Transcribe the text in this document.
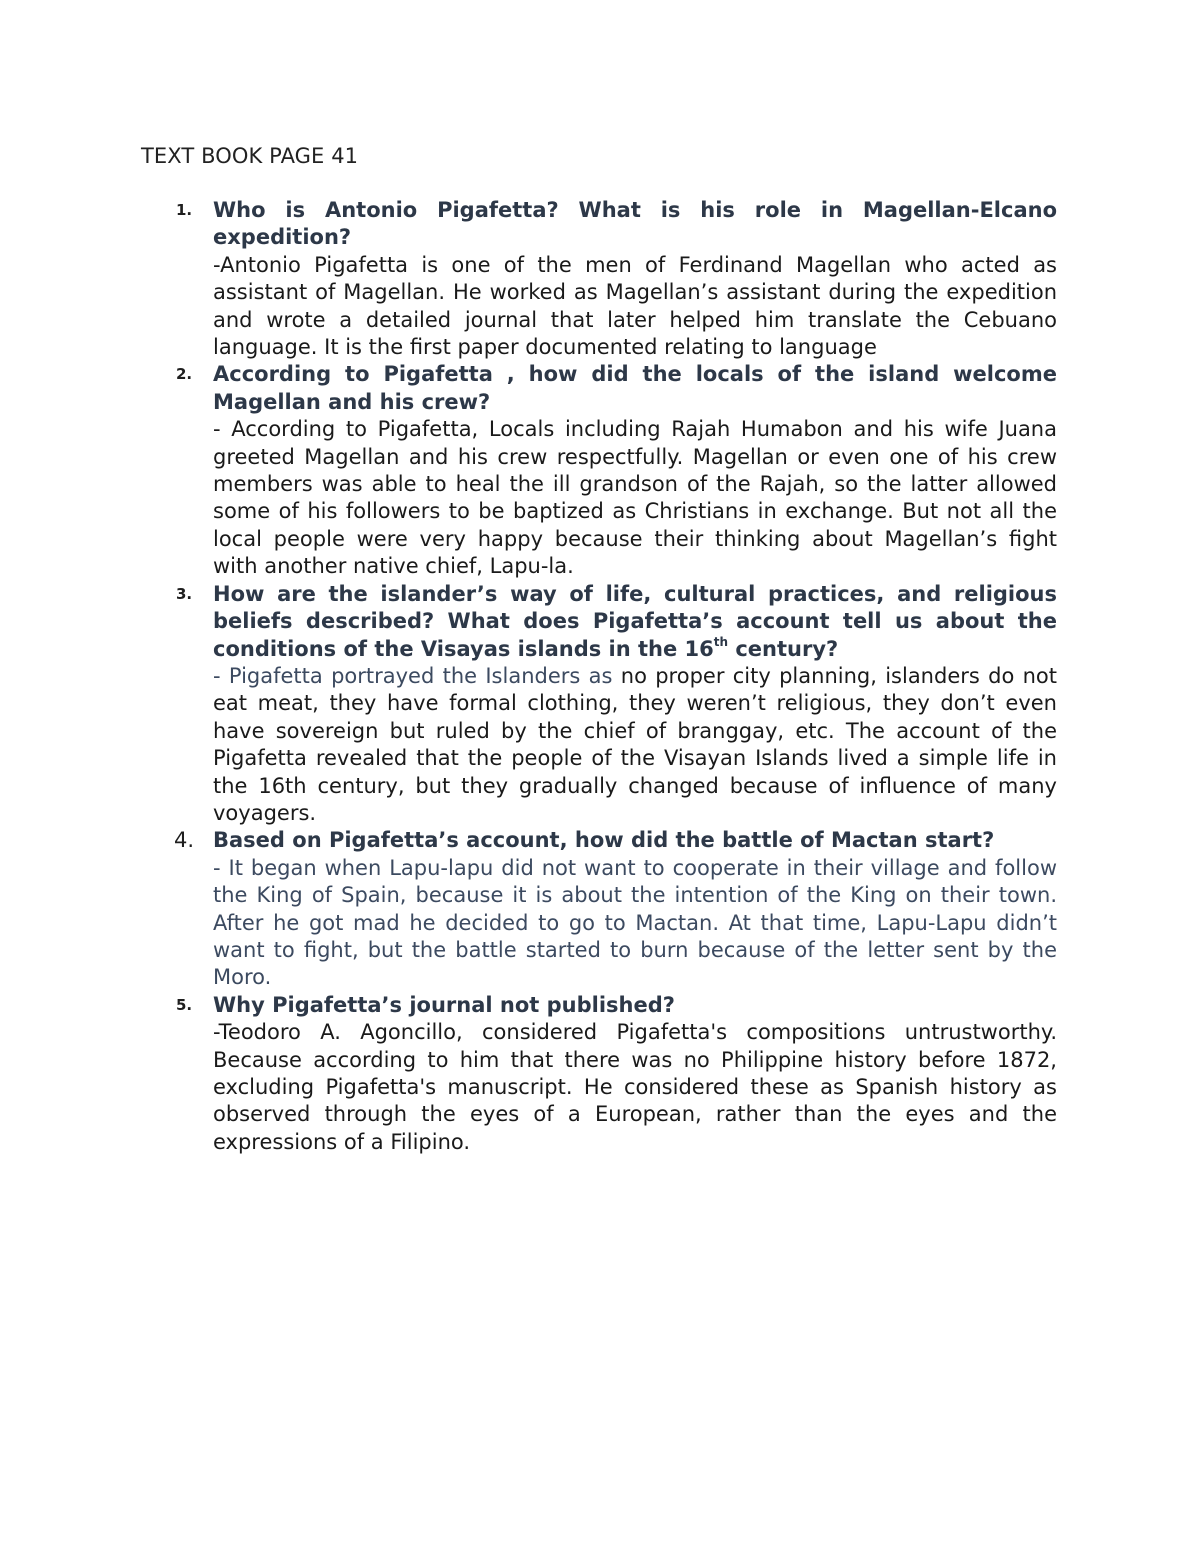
TEXT BOOK PAGE 41
1. Who is Antonio Pigafetta? What is his role in Magellan-Elcano expedition?

-Antonio Pigafetta is one of the men of Ferdinand Magellan who acted as assistant of Magellan. He worked as Magellan’s assistant during the expedition and wrote a detailed journal that later helped him translate the Cebuano language. It is the first paper documented relating to language

2. According to Pigafetta , how did the locals of the island welcome Magellan and his crew?

- According to Pigafetta, Locals including Rajah Humabon and his wife Juana greeted Magellan and his crew respectfully. Magellan or even one of his crew members was able to heal the ill grandson of the Rajah, so the latter allowed some of his followers to be baptized as Christians in exchange. But not all the local people were very happy because their thinking about Magellan’s fight with another native chief, Lapu-la.

3. How are the islander’s way of life, cultural practices, and religious beliefs described? What does Pigafetta’s account tell us about the conditions of the Visayas islands in the 16th century?

- Pigafetta portrayed the Islanders as no proper city planning, islanders do not eat meat, they have formal clothing, they weren’t religious, they don’t even have sovereign but ruled by the chief of branggay, etc. The account of the Pigafetta revealed that the people of the Visayan Islands lived a simple life in the 16th century, but they gradually changed because of influence of many voyagers.

4. Based on Pigafetta’s account, how did the battle of Mactan start?

- It began when Lapu-lapu did not want to cooperate in their village and follow the King of Spain, because it is about the intention of the King on their town. After he got mad he decided to go to Mactan. At that time, Lapu-Lapu didn’t want to fight, but the battle started to burn because of the letter sent by the Moro.

5. Why Pigafetta’s journal not published?

-Teodoro A. Agoncillo, considered Pigafetta's compositions untrustworthy. Because according to him that there was no Philippine history before 1872, excluding Pigafetta's manuscript. He considered these as Spanish history as observed through the eyes of a European, rather than the eyes and the expressions of a Filipino.
